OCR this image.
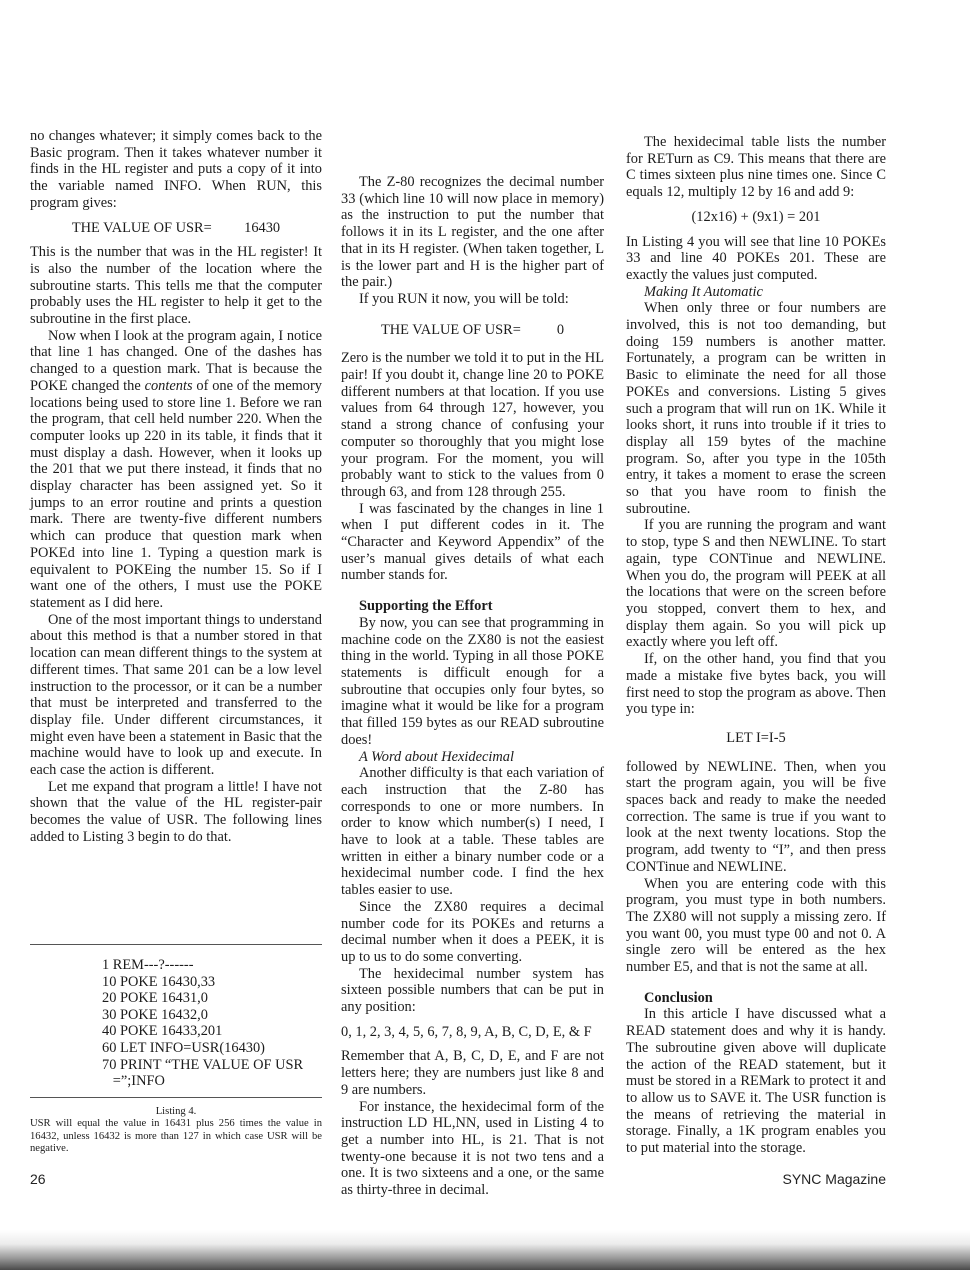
no changes whatever; it simply comes back to the Basic program. Then it takes whatever number it finds in the HL register and puts a copy of it into the variable named INFO. When RUN, this program gives:

THE VALUE OF USR=         16430

This is the number that was in the HL register! It is also the number of the location where the subroutine starts. This tells me that the computer probably uses the HL register to help it get to the subroutine in the first place.

Now when I look at the program again, I notice that line 1 has changed. One of the dashes has changed to a question mark. That is because the POKE changed the contents of one of the memory locations being used to store line 1. Before we ran the program, that cell held number 220. When the computer looks up 220 in its table, it finds that it must display a dash. However, when it looks up the 201 that we put there instead, it finds that no display character has been assigned yet. So it jumps to an error routine and prints a question mark. There are twenty-five different numbers which can produce that question mark when POKEd into line 1. Typing a question mark is equivalent to POKEing the number 15. So if I want one of the others, I must use the POKE statement as I did here.

One of the most important things to understand about this method is that a number stored in that location can mean different things to the system at different times. That same 201 can be a low level instruction to the processor, or it can be a number that must be interpreted and transferred to the display file. Under different circumstances, it might even have been a statement in Basic that the machine would have to look up and execute. In each case the action is different.

Let me expand that program a little! I have not shown that the value of the HL register-pair becomes the value of USR. The following lines added to Listing 3 begin to do that.

1 REM---?------
10 POKE 16430,33
20 POKE 16431,0
30 POKE 16432,0
40 POKE 16433,201
60 LET INFO=USR(16430)
70 PRINT “THE VALUE OF USR
=”;INFO
Listing 4.
USR will equal the value in 16431 plus 256 times the value in 16432, unless 16432 is more than 127 in which case USR will be negative.

The Z-80 recognizes the decimal number 33 (which line 10 will now place in memory) as the instruction to put the number that follows it in its L register, and the one after that in its H register. (When taken together, L is the lower part and H is the higher part of the pair.)

If you RUN it now, you will be told:

THE VALUE OF USR=          0

Zero is the number we told it to put in the HL pair! If you doubt it, change line 20 to POKE different numbers at that location. If you use values from 64 through 127, however, you stand a strong chance of confusing your computer so thoroughly that you might lose your program. For the moment, you will probably want to stick to the values from 0 through 63, and from 128 through 255.

I was fascinated by the changes in line 1 when I put different codes in it. The “Character and Keyword Appendix” of the user’s manual gives details of what each number stands for.

Supporting the Effort

By now, you can see that programming in machine code on the ZX80 is not the easiest thing in the world. Typing in all those POKE statements is difficult enough for a subroutine that occupies only four bytes, so imagine what it would be like for a program that filled 159 bytes as our READ subroutine does!

A Word about Hexidecimal

Another difficulty is that each variation of each instruction that the Z-80 has corresponds to one or more numbers. In order to know which number(s) I need, I have to look at a table. These tables are written in either a binary number code or a hexidecimal number code. I find the hex tables easier to use.

Since the ZX80 requires a decimal number code for its POKEs and returns a decimal number when it does a PEEK, it is up to us to do some converting.

The hexidecimal number system has sixteen possible numbers that can be put in any position:

0, 1, 2, 3, 4, 5, 6, 7, 8, 9, A, B, C, D, E, & F

Remember that A, B, C, D, E, and F are not letters here; they are numbers just like 8 and 9 are numbers.

For instance, the hexidecimal form of the instruction LD HL,NN, used in Listing 4 to get a number into HL, is 21. That is not twenty-one because it is not two tens and a one. It is two sixteens and a one, or the same as thirty-three in decimal.

The hexidecimal table lists the number for RETurn as C9. This means that there are C times sixteen plus nine times one. Since C equals 12, multiply 12 by 16 and add 9:

(12x16) + (9x1) = 201

In Listing 4 you will see that line 10 POKEs 33 and line 40 POKEs 201. These are exactly the values just computed.

Making It Automatic

When only three or four numbers are involved, this is not too demanding, but doing 159 numbers is another matter. Fortunately, a program can be written in Basic to eliminate the need for all those POKEs and conversions. Listing 5 gives such a program that will run on 1K. While it looks short, it runs into trouble if it tries to display all 159 bytes of the machine program. So, after you type in the 105th entry, it takes a moment to erase the screen so that you have room to finish the subroutine.

If you are running the program and want to stop, type S and then NEWLINE. To start again, type CONTinue and NEWLINE. When you do, the program will PEEK at all the locations that were on the screen before you stopped, convert them to hex, and display them again. So you will pick up exactly where you left off.

If, on the other hand, you find that you made a mistake five bytes back, you will first need to stop the program as above. Then you type in:

LET I=I-5

followed by NEWLINE. Then, when you start the program again, you will be five spaces back and ready to make the needed correction. The same is true if you want to look at the next twenty locations. Stop the program, add twenty to “I”, and then press CONTinue and NEWLINE.

When you are entering code with this program, you must type in both numbers. The ZX80 will not supply a missing zero. If you want 00, you must type 00 and not 0. A single zero will be entered as the hex number E5, and that is not the same at all.

Conclusion

In this article I have discussed what a READ statement does and why it is handy. The subroutine given above will duplicate the action of the READ statement, but it must be stored in a REMark to protect it and to allow us to SAVE it. The USR function is the means of retrieving the material in storage. Finally, a 1K program enables you to put material into the storage.

26	SYNC Magazine
